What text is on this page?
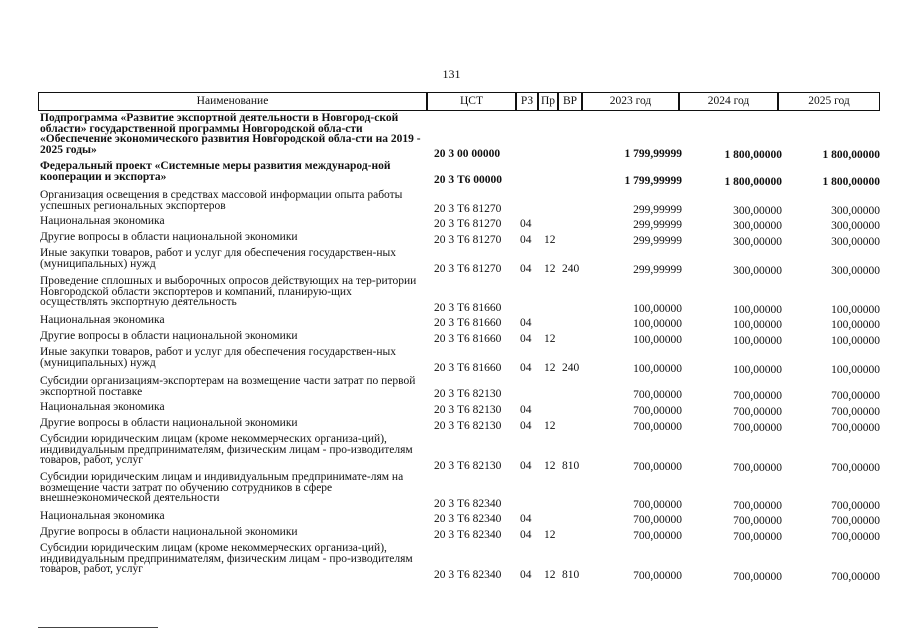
131
Наименование	ЦСТ	РЗ Пр ВР	2023 год	2024 год	2025 год
Подпрограмма «Развитие экспортной деятельности в Новгород-ской области» государственной программы Новгородской обла-сти «Обеспечение экономического развития Новгородской обла-сти на 2019 - 2025 годы»	20 3 00 00000	1 799,99999	1 800,00000	1 800,00000
Федеральный проект «Системные меры развития международ-ной кооперации и экспорта»	20 3 Т6 00000	1 799,99999	1 800,00000	1 800,00000
Организация освещения в средствах массовой информации опыта работы успешных региональных экспортеров	20 3 Т6 81270	299,99999	300,00000	300,00000
Национальная экономика	20 3 Т6 81270 04	299,99999	300,00000	300,00000
Другие вопросы в области национальной экономики	20 3 Т6 81270 04 12	299,99999	300,00000	300,00000
Иные закупки товаров, работ и услуг для обеспечения государствен-ных (муниципальных) нужд	20 3 Т6 81270 04 12 240	299,99999	300,00000	300,00000
Проведение сплошных и выборочных опросов действующих на тер-ритории Новгородской области экспортеров и компаний, планирую-щих осуществлять экспортную деятельность	20 3 Т6 81660	100,00000	100,00000	100,00000
Национальная экономика	20 3 Т6 81660 04	100,00000	100,00000	100,00000
Другие вопросы в области национальной экономики	20 3 Т6 81660 04 12	100,00000	100,00000	100,00000
Иные закупки товаров, работ и услуг для обеспечения государствен-ных (муниципальных) нужд	20 3 Т6 81660 04 12 240	100,00000	100,00000	100,00000
Субсидии организациям-экспортерам на возмещение части затрат по первой экспортной поставке	20 3 Т6 82130	700,00000	700,00000	700,00000
Национальная экономика	20 3 Т6 82130 04	700,00000	700,00000	700,00000
Другие вопросы в области национальной экономики	20 3 Т6 82130 04 12	700,00000	700,00000	700,00000
Субсидии юридическим лицам (кроме некоммерческих организа-ций), индивидуальным предпринимателям, физическим лицам - про-изводителям товаров, работ, услуг	20 3 Т6 82130 04 12 810	700,00000	700,00000	700,00000
Субсидии юридическим лицам и индивидуальным предпринимате-лям на возмещение части затрат по обучению сотрудников в сфере внешнеэкономической деятельности	20 3 Т6 82340	700,00000	700,00000	700,00000
Национальная экономика	20 3 Т6 82340 04	700,00000	700,00000	700,00000
Другие вопросы в области национальной экономики	20 3 Т6 82340 04 12	700,00000	700,00000	700,00000
Субсидии юридическим лицам (кроме некоммерческих организа-ций), индивидуальным предпринимателям, физическим лицам - про-изводителям товаров, работ, услуг	20 3 Т6 82340 04 12 810	700,00000	700,00000	700,00000
